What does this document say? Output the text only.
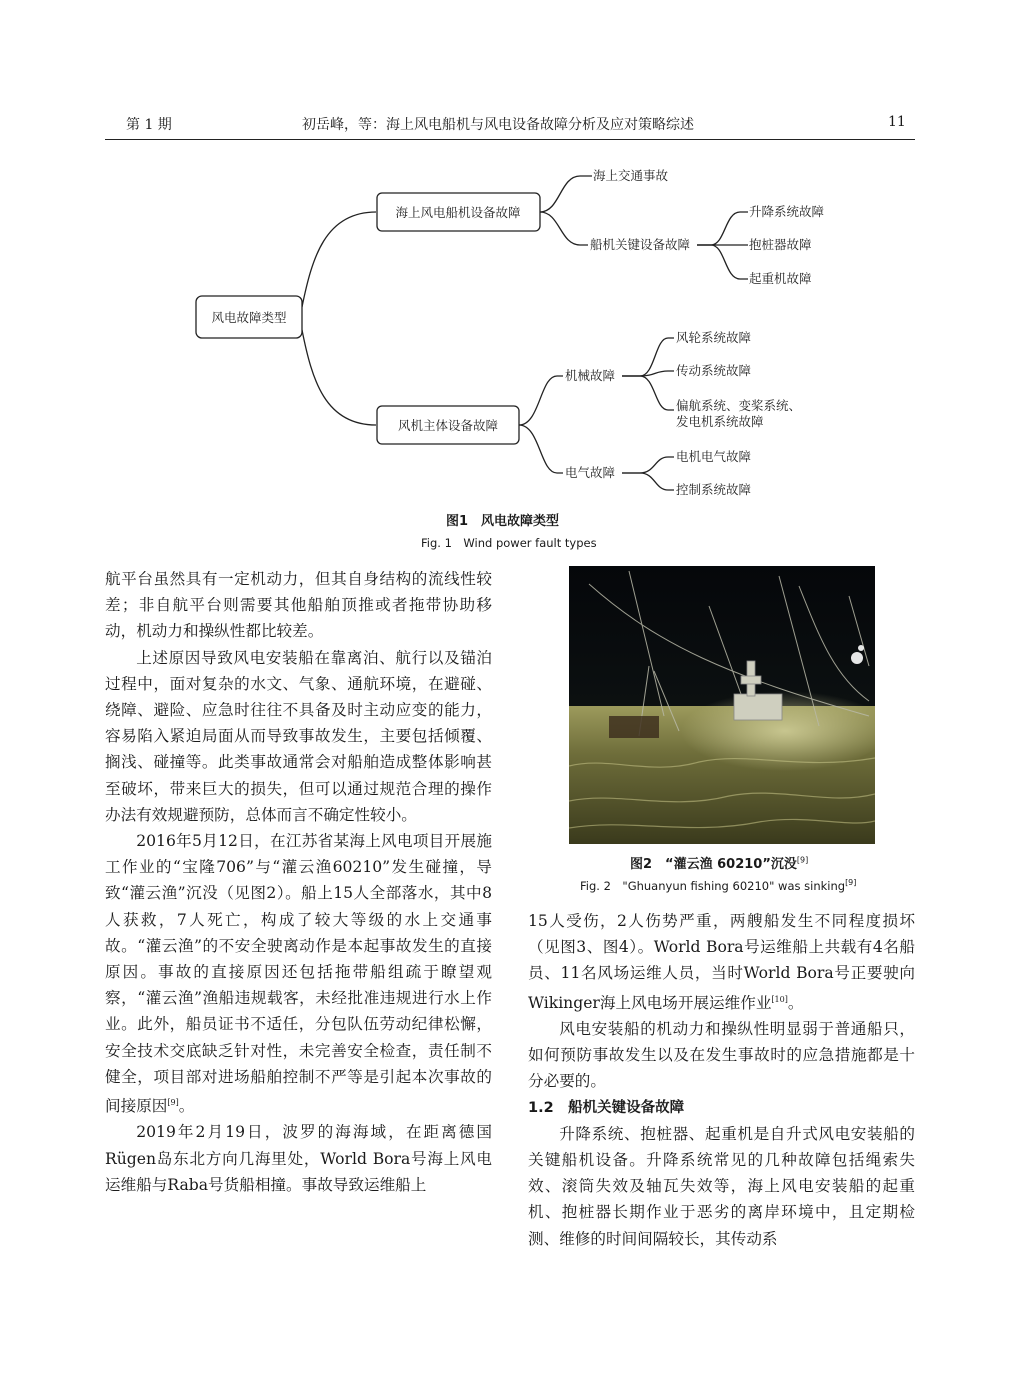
第 1 期	初岳峰，等：海上风电船机与风电设备故障分析及应对策略综述	11
风电故障类型
海上风电船机设备故障
风机主体设备故障
海上交通事故
船机关键设备故障
升降系统故障
抱桩器故障
起重机故障
机械故障
风轮系统故障
传动系统故障
偏航系统、变桨系统、
发电机系统故障
电气故障
电机电气故障
控制系统故障
图1　风电故障类型
Fig. 1　Wind power fault types

航平台虽然具有一定机动力，但其自身结构的流线性较差；非自航平台则需要其他船舶顶推或者拖带协助移动，机动力和操纵性都比较差。

上述原因导致风电安装船在靠离泊、航行以及锚泊过程中，面对复杂的水文、气象、通航环境，在避碰、绕障、避险、应急时往往不具备及时主动应变的能力，容易陷入紧迫局面从而导致事故发生，主要包括倾覆、搁浅、碰撞等。此类事故通常会对船舶造成整体影响甚至破坏，带来巨大的损失，但可以通过规范合理的操作办法有效规避预防，总体而言不确定性较小。

2016年5月12日，在江苏省某海上风电项目开展施工作业的“宝隆706”与“灌云渔60210”发生碰撞，导致“灌云渔”沉没（见图2）。船上15人全部落水，其中8人获救，7人死亡，构成了较大等级的水上交通事故。“灌云渔”的不安全驶离动作是本起事故发生的直接原因。事故的直接原因还包括拖带船组疏于瞭望观察，“灌云渔”渔船违规载客，未经批准违规进行水上作业。此外，船员证书不适任，分包队伍劳动纪律松懈，安全技术交底缺乏针对性，未完善安全检查，责任制不健全，项目部对进场船舶控制不严等是引起本次事故的间接原因[9]。

2019年2月19日，波罗的海海域，在距离德国Rügen岛东北方向几海里处，World Bora号海上风电运维船与Raba号货船相撞。事故导致运维船上

图2　“灌云渔 60210”沉没[9]
Fig. 2　"Ghuanyun fishing 60210" was sinking[9]

15人受伤，2人伤势严重，两艘船发生不同程度损坏（见图3、图4）。World Bora号运维船上共载有4名船员、11名风场运维人员，当时World Bora号正要驶向Wikinger海上风电场开展运维作业[10]。

风电安装船的机动力和操纵性明显弱于普通船只，如何预防事故发生以及在发生事故时的应急措施都是十分必要的。

1.2　船机关键设备故障

升降系统、抱桩器、起重机是自升式风电安装船的关键船机设备。升降系统常见的几种故障包括绳索失效、滚筒失效及轴瓦失效等，海上风电安装船的起重机、抱桩器长期作业于恶劣的离岸环境中，且定期检测、维修的时间间隔较长，其传动系
